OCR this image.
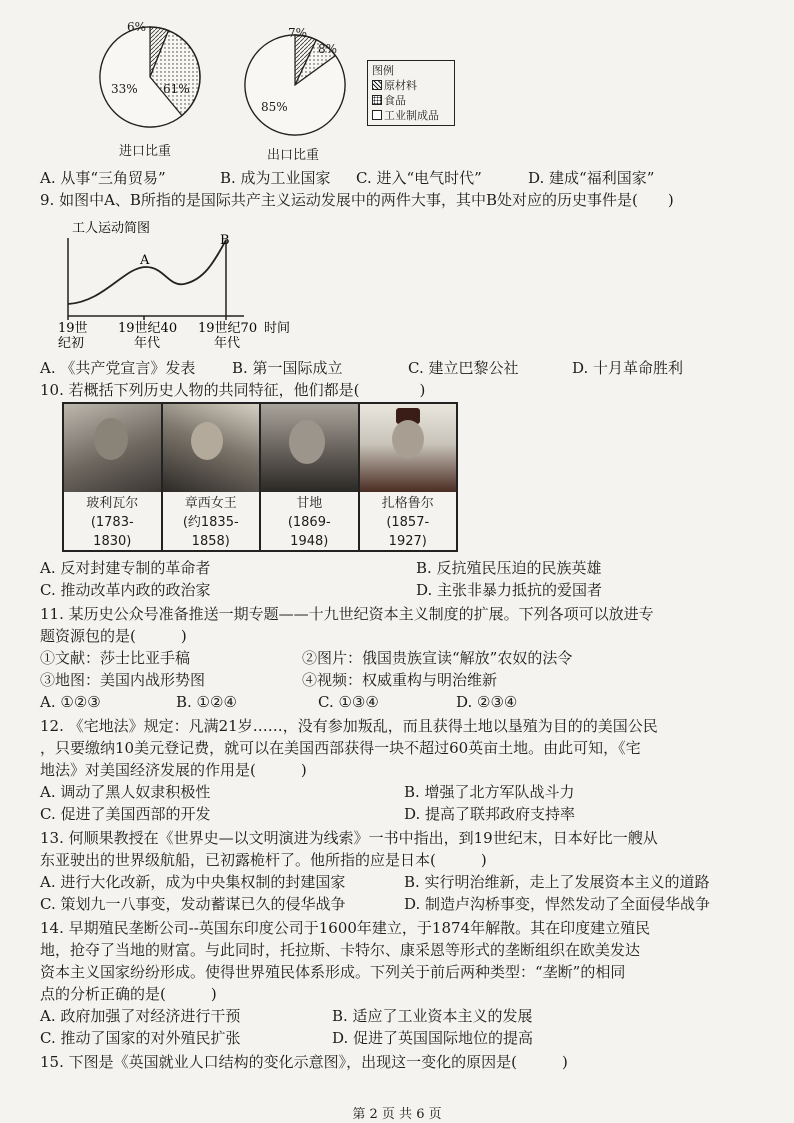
6%
33% 61%
进口比重
7%
8%
85%
出口比重
图例
原材料
食品
工业制成品
A. 从事“三角贸易”	B. 成为工业国家 C. 进入“电气时代”	D. 建成“福利国家”
9. 如图中A、B所指的是国际共产主义运动发展中的两件大事，其中B处对应的历史事件是(　　)
工人运动简图
A
B
19世
纪初
19世纪40
年代
19世纪70
年代
时间
A. 《共产党宣言》发表 B. 第一国际成立	C. 建立巴黎公社	D. 十月革命胜利
10. 若概括下列历史人物的共同特征，他们都是(　　　　)
玻利瓦尔
(1783-
1830)
章西女王
(约1835-
1858)
甘地
(1869-
1948)
扎格鲁尔
(1857-
1927)
A. 反对封建专制的革命者	B. 反抗殖民压迫的民族英雄
C. 推动改革内政的政治家	D. 主张非暴力抵抗的爱国者
11. 某历史公众号准备推送一期专题——十九世纪资本主义制度的扩展。下列各项可以放进专
题资源包的是(　　　)
①文献：莎士比亚手稿	②图片：俄国贵族宣读“解放”农奴的法令
③地图：美国内战形势图	④视频：权威重构与明治维新
A. ①②③	B. ①②④	C. ①③④	D. ②③④
12. 《宅地法》规定：凡满21岁……，没有参加叛乱，而且获得土地以垦殖为目的的美国公民
，只要缴纳10美元登记费，就可以在美国西部获得一块不超过60英亩土地。由此可知，《宅
地法》对美国经济发展的作用是(　　　)
A. 调动了黑人奴隶积极性	B. 增强了北方军队战斗力
C. 促进了美国西部的开发	D. 提高了联邦政府支持率
13. 何顺果教授在《世界史—以文明演进为线索》一书中指出，到19世纪末，日本好比一艘从
东亚驶出的世界级航船，已初露桅杆了。他所指的应是日本(　　　)
A. 进行大化改新，成为中央集权制的封建国家	B. 实行明治维新，走上了发展资本主义的道路
C. 策划九一八事变，发动蓄谋已久的侵华战争	D. 制造卢沟桥事变，悍然发动了全面侵华战争
14. 早期殖民垄断公司--英国东印度公司于1600年建立，于1874年解散。其在印度建立殖民
地，抢夺了当地的财富。与此同时，托拉斯、卡特尔、康采恩等形式的垄断组织在欧美发达
资本主义国家纷纷形成。使得世界殖民体系形成。下列关于前后两种类型：“垄断”的相同
点的分析正确的是(　　　)
A. 政府加强了对经济进行干预	B. 适应了工业资本主义的发展
C. 推动了国家的对外殖民扩张	D. 促进了英国国际地位的提高
15. 下图是《英国就业人口结构的变化示意图》，出现这一变化的原因是(　　　)
第 2 页 共 6 页
